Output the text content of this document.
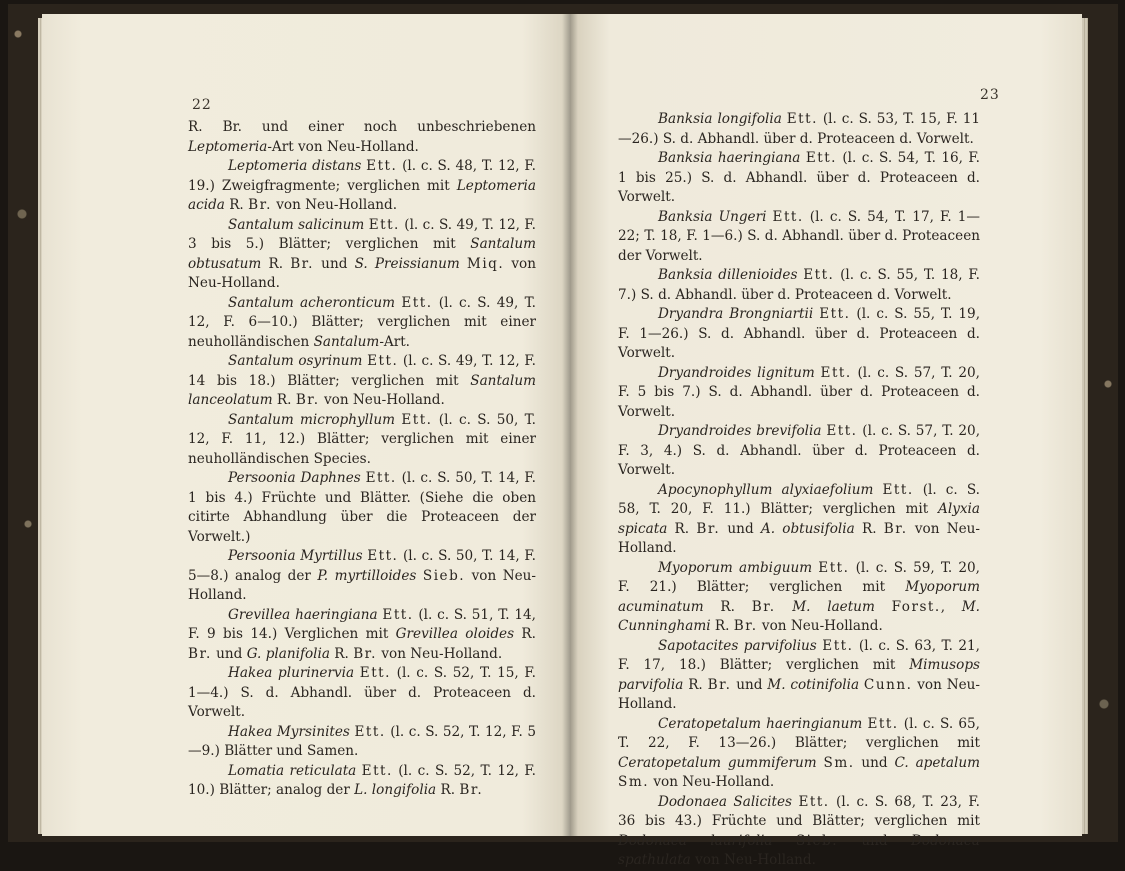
22

R. Br. und einer noch unbeschriebenen Leptomeria-Art von Neu-Holland.

Leptomeria distans Ett. (l. c. S. 48, T. 12, F. 19.) Zweigfragmente; verglichen mit Leptomeria acida R. Br. von Neu-Holland.

Santalum salicinum Ett. (l. c. S. 49, T. 12, F. 3 bis 5.) Blätter; verglichen mit Santalum obtusatum R. Br. und S. Preissianum Miq. von Neu-Holland.

Santalum acheronticum Ett. (l. c. S. 49, T. 12, F. 6—10.) Blätter; verglichen mit einer neuholländischen Santalum-Art.

Santalum osyrinum Ett. (l. c. S. 49, T. 12, F. 14 bis 18.) Blätter; verglichen mit Santalum lanceolatum R. Br. von Neu-Holland.

Santalum microphyllum Ett. (l. c. S. 50, T. 12, F. 11, 12.) Blätter; verglichen mit einer neuholländischen Species.

Persoonia Daphnes Ett. (l. c. S. 50, T. 14, F. 1 bis 4.) Früchte und Blätter. (Siehe die oben citirte Abhandlung über die Proteaceen der Vorwelt.)

Persoonia Myrtillus Ett. (l. c. S. 50, T. 14, F. 5—8.) analog der P. myrtilloides Sieb. von Neu-Holland.

Grevillea haeringiana Ett. (l. c. S. 51, T. 14, F. 9 bis 14.) Verglichen mit Grevillea oloides R. Br. und G. planifolia R. Br. von Neu-Holland.

Hakea plurinervia Ett. (l. c. S. 52, T. 15, F. 1—4.) S. d. Abhandl. über d. Proteaceen d. Vorwelt.

Hakea Myrsinites Ett. (l. c. S. 52, T. 12, F. 5—9.) Blätter und Samen.

Lomatia reticulata Ett. (l. c. S. 52, T. 12, F. 10.) Blätter; analog der L. longifolia R. Br.

23

Banksia longifolia Ett. (l. c. S. 53, T. 15, F. 11—26.) S. d. Abhandl. über d. Proteaceen d. Vorwelt.

Banksia haeringiana Ett. (l. c. S. 54, T. 16, F. 1 bis 25.) S. d. Abhandl. über d. Proteaceen d. Vorwelt.

Banksia Ungeri Ett. (l. c. S. 54, T. 17, F. 1—22; T. 18, F. 1—6.) S. d. Abhandl. über d. Proteaceen der Vorwelt.

Banksia dillenioides Ett. (l. c. S. 55, T. 18, F. 7.) S. d. Abhandl. über d. Proteaceen d. Vorwelt.

Dryandra Brongniartii Ett. (l. c. S. 55, T. 19, F. 1—26.) S. d. Abhandl. über d. Proteaceen d. Vorwelt.

Dryandroides lignitum Ett. (l. c. S. 57, T. 20, F. 5 bis 7.) S. d. Abhandl. über d. Proteaceen d. Vorwelt.

Dryandroides brevifolia Ett. (l. c. S. 57, T. 20, F. 3, 4.) S. d. Abhandl. über d. Proteaceen d. Vorwelt.

Apocynophyllum alyxiaefolium Ett. (l. c. S. 58, T. 20, F. 11.) Blätter; verglichen mit Alyxia spicata R. Br. und A. obtusifolia R. Br. von Neu-Holland.

Myoporum ambiguum Ett. (l. c. S. 59, T. 20, F. 21.) Blätter; verglichen mit Myoporum acuminatum R. Br. M. laetum Forst., M. Cunninghami R. Br. von Neu-Holland.

Sapotacites parvifolius Ett. (l. c. S. 63, T. 21, F. 17, 18.) Blätter; verglichen mit Mimusops parvifolia R. Br. und M. cotinifolia Cunn. von Neu-Holland.

Ceratopetalum haeringianum Ett. (l. c. S. 65, T. 22, F. 13—26.) Blätter; verglichen mit Ceratopetalum gummiferum Sm. und C. apetalum Sm. von Neu-Holland.

Dodonaea Salicites Ett. (l. c. S. 68, T. 23, F. 36 bis 43.) Früchte und Blätter; verglichen mit Dodonaea laurifolia Sieb. und Dodonaea spathulata von Neu-Holland.
